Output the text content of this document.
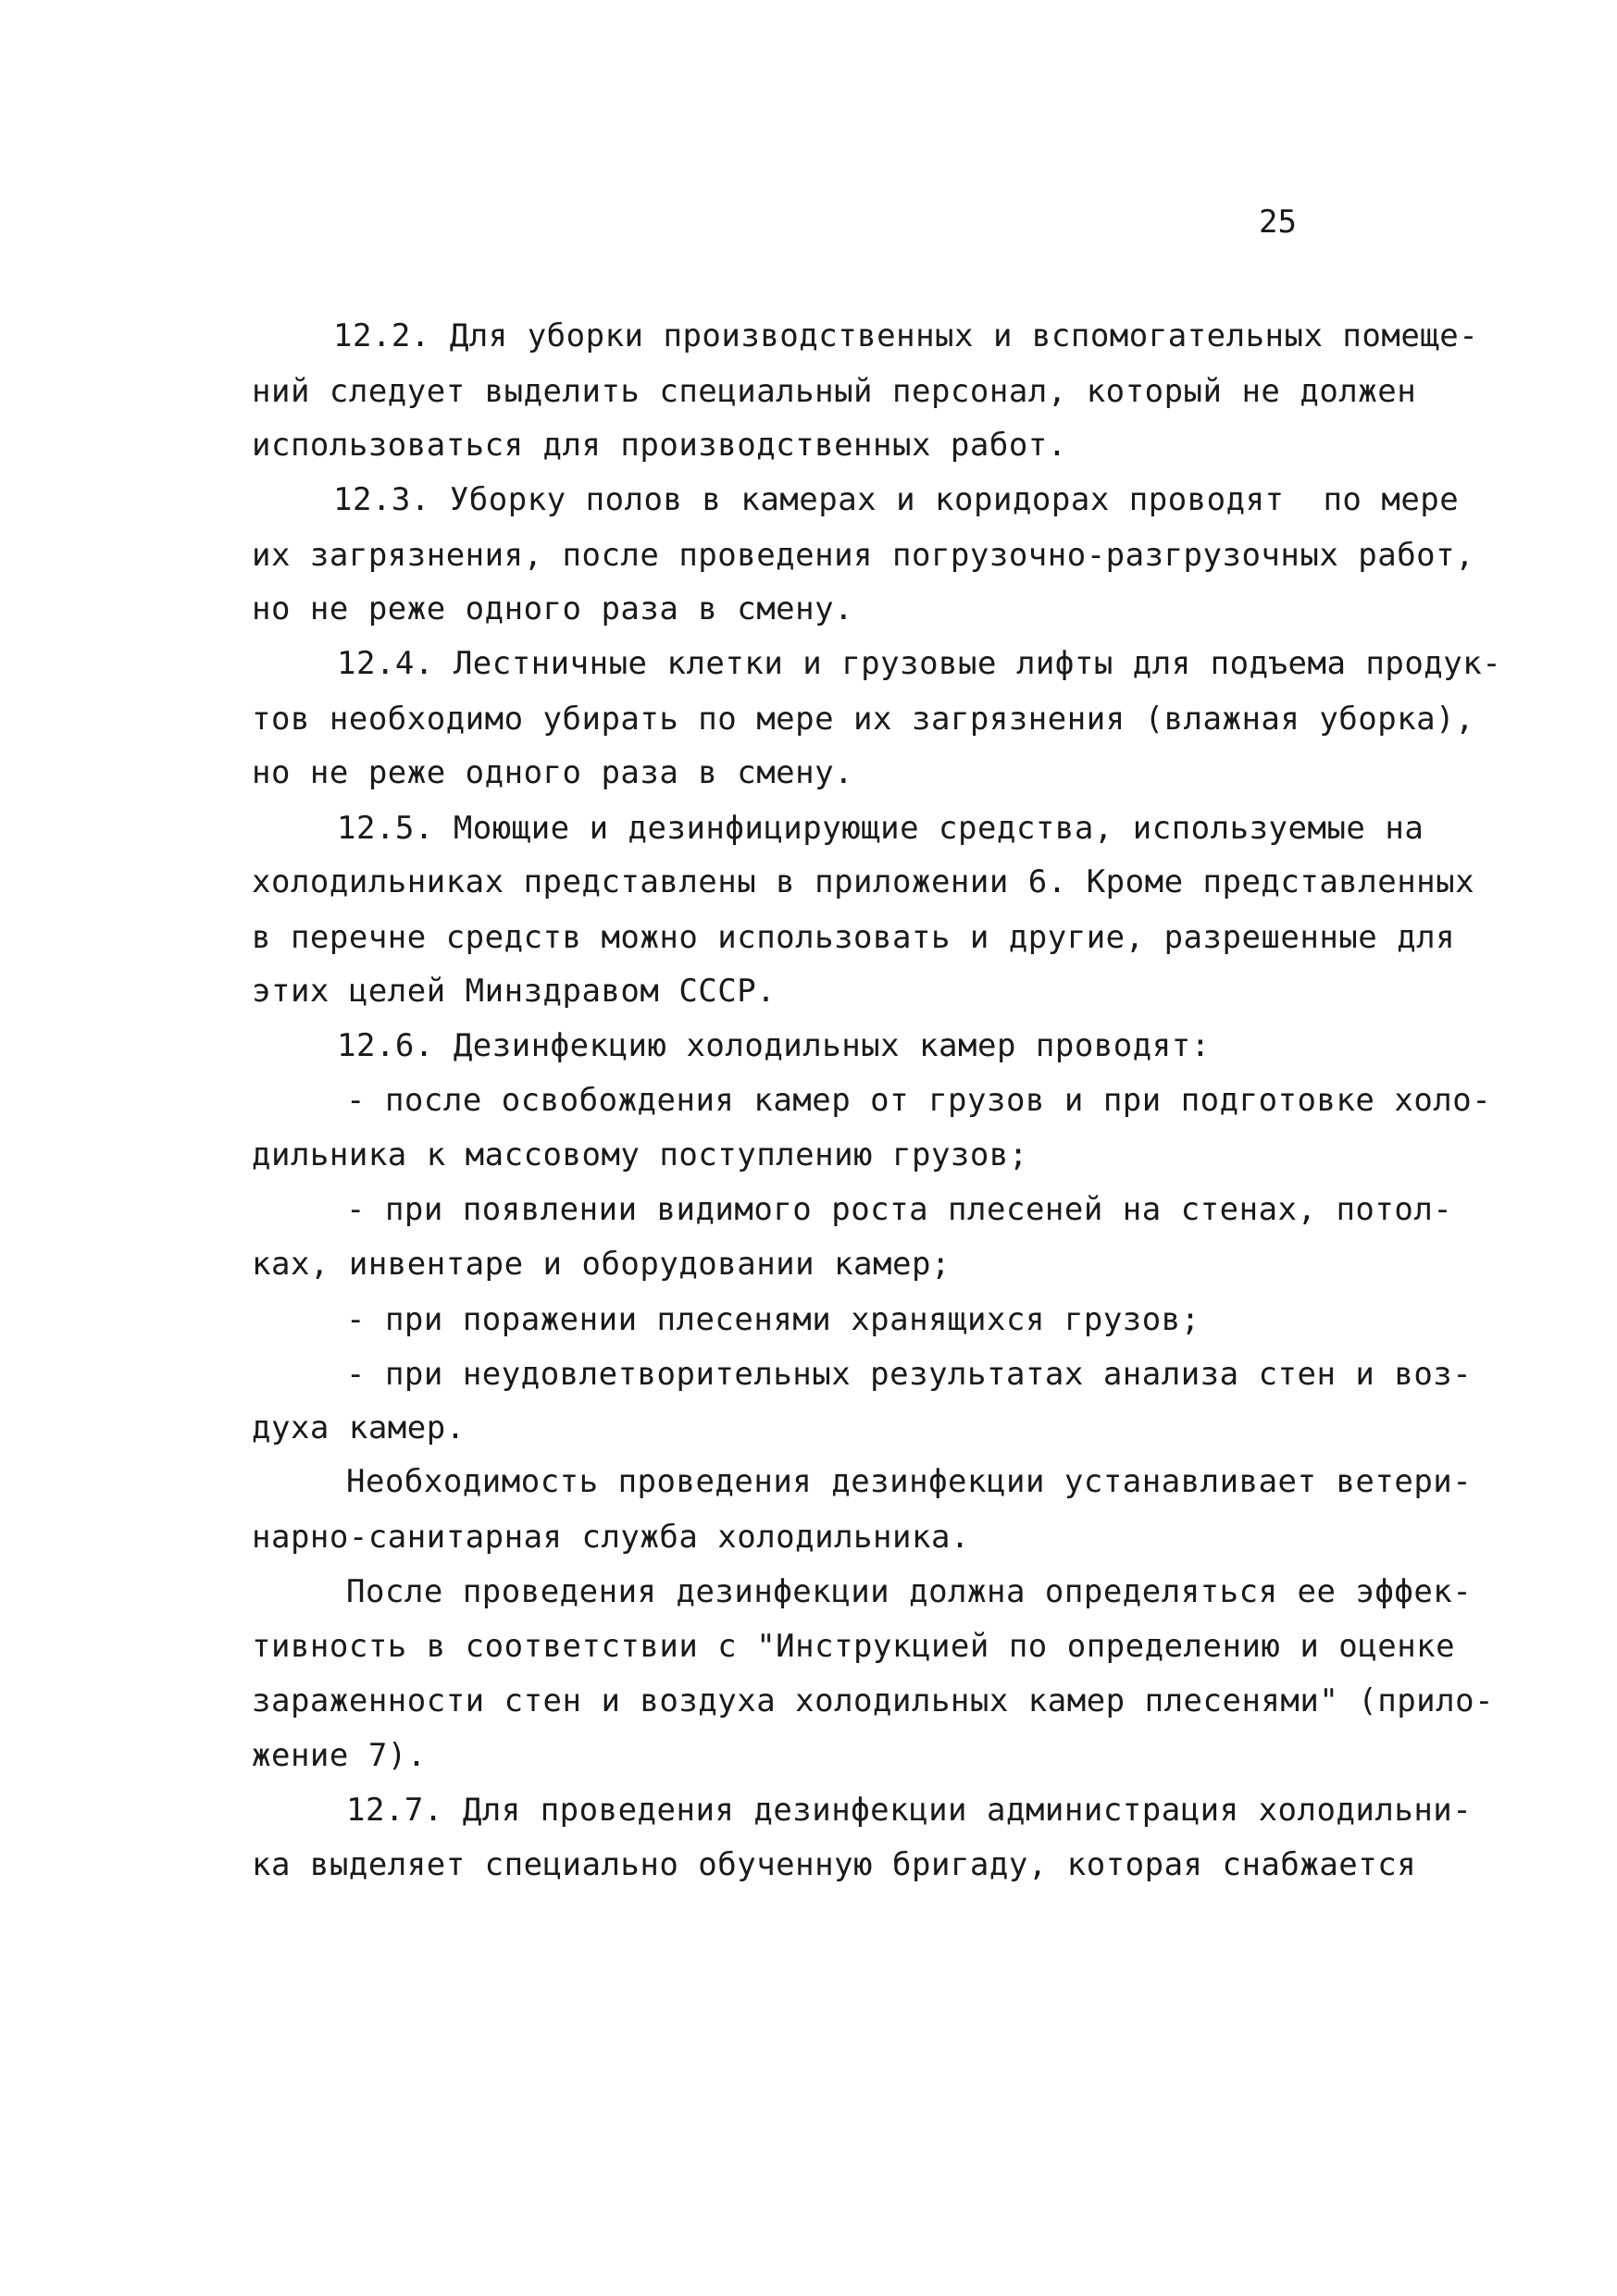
25
12.2. Для уборки производственных и вспомогательных помеще-
ний следует выделить специальный персонал, который не должен
использоваться для производственных работ.
12.3. Уборку полов в камерах и коридорах проводят  по мере
их загрязнения, после проведения погрузочно-разгрузочных работ,
но не реже одного раза в смену.
12.4. Лестничные клетки и грузовые лифты для подъема продук-
тов необходимо убирать по мере их загрязнения (влажная уборка),
но не реже одного раза в смену.
12.5. Моющие и дезинфицирующие средства, используемые на
холодильниках представлены в приложении 6. Кроме представленных
в перечне средств можно использовать и другие, разрешенные для
этих целей Минздравом СССР.
12.6. Дезинфекцию холодильных камер проводят:
- после освобождения камер от грузов и при подготовке холо-
дильника к массовому поступлению грузов;
- при появлении видимого роста плесеней на стенах, потол-
ках, инвентаре и оборудовании камер;
- при поражении плесенями хранящихся грузов;
- при неудовлетворительных результатах анализа стен и воз-
духа камер.
Необходимость проведения дезинфекции устанавливает ветери-
нарно-санитарная служба холодильника.
После проведения дезинфекции должна определяться ее эффек-
тивность в соответствии с "Инструкцией по определению и оценке
зараженности стен и воздуха холодильных камер плесенями" (прило-
жение 7).
12.7. Для проведения дезинфекции администрация холодильни-
ка выделяет специально обученную бригаду, которая снабжается
